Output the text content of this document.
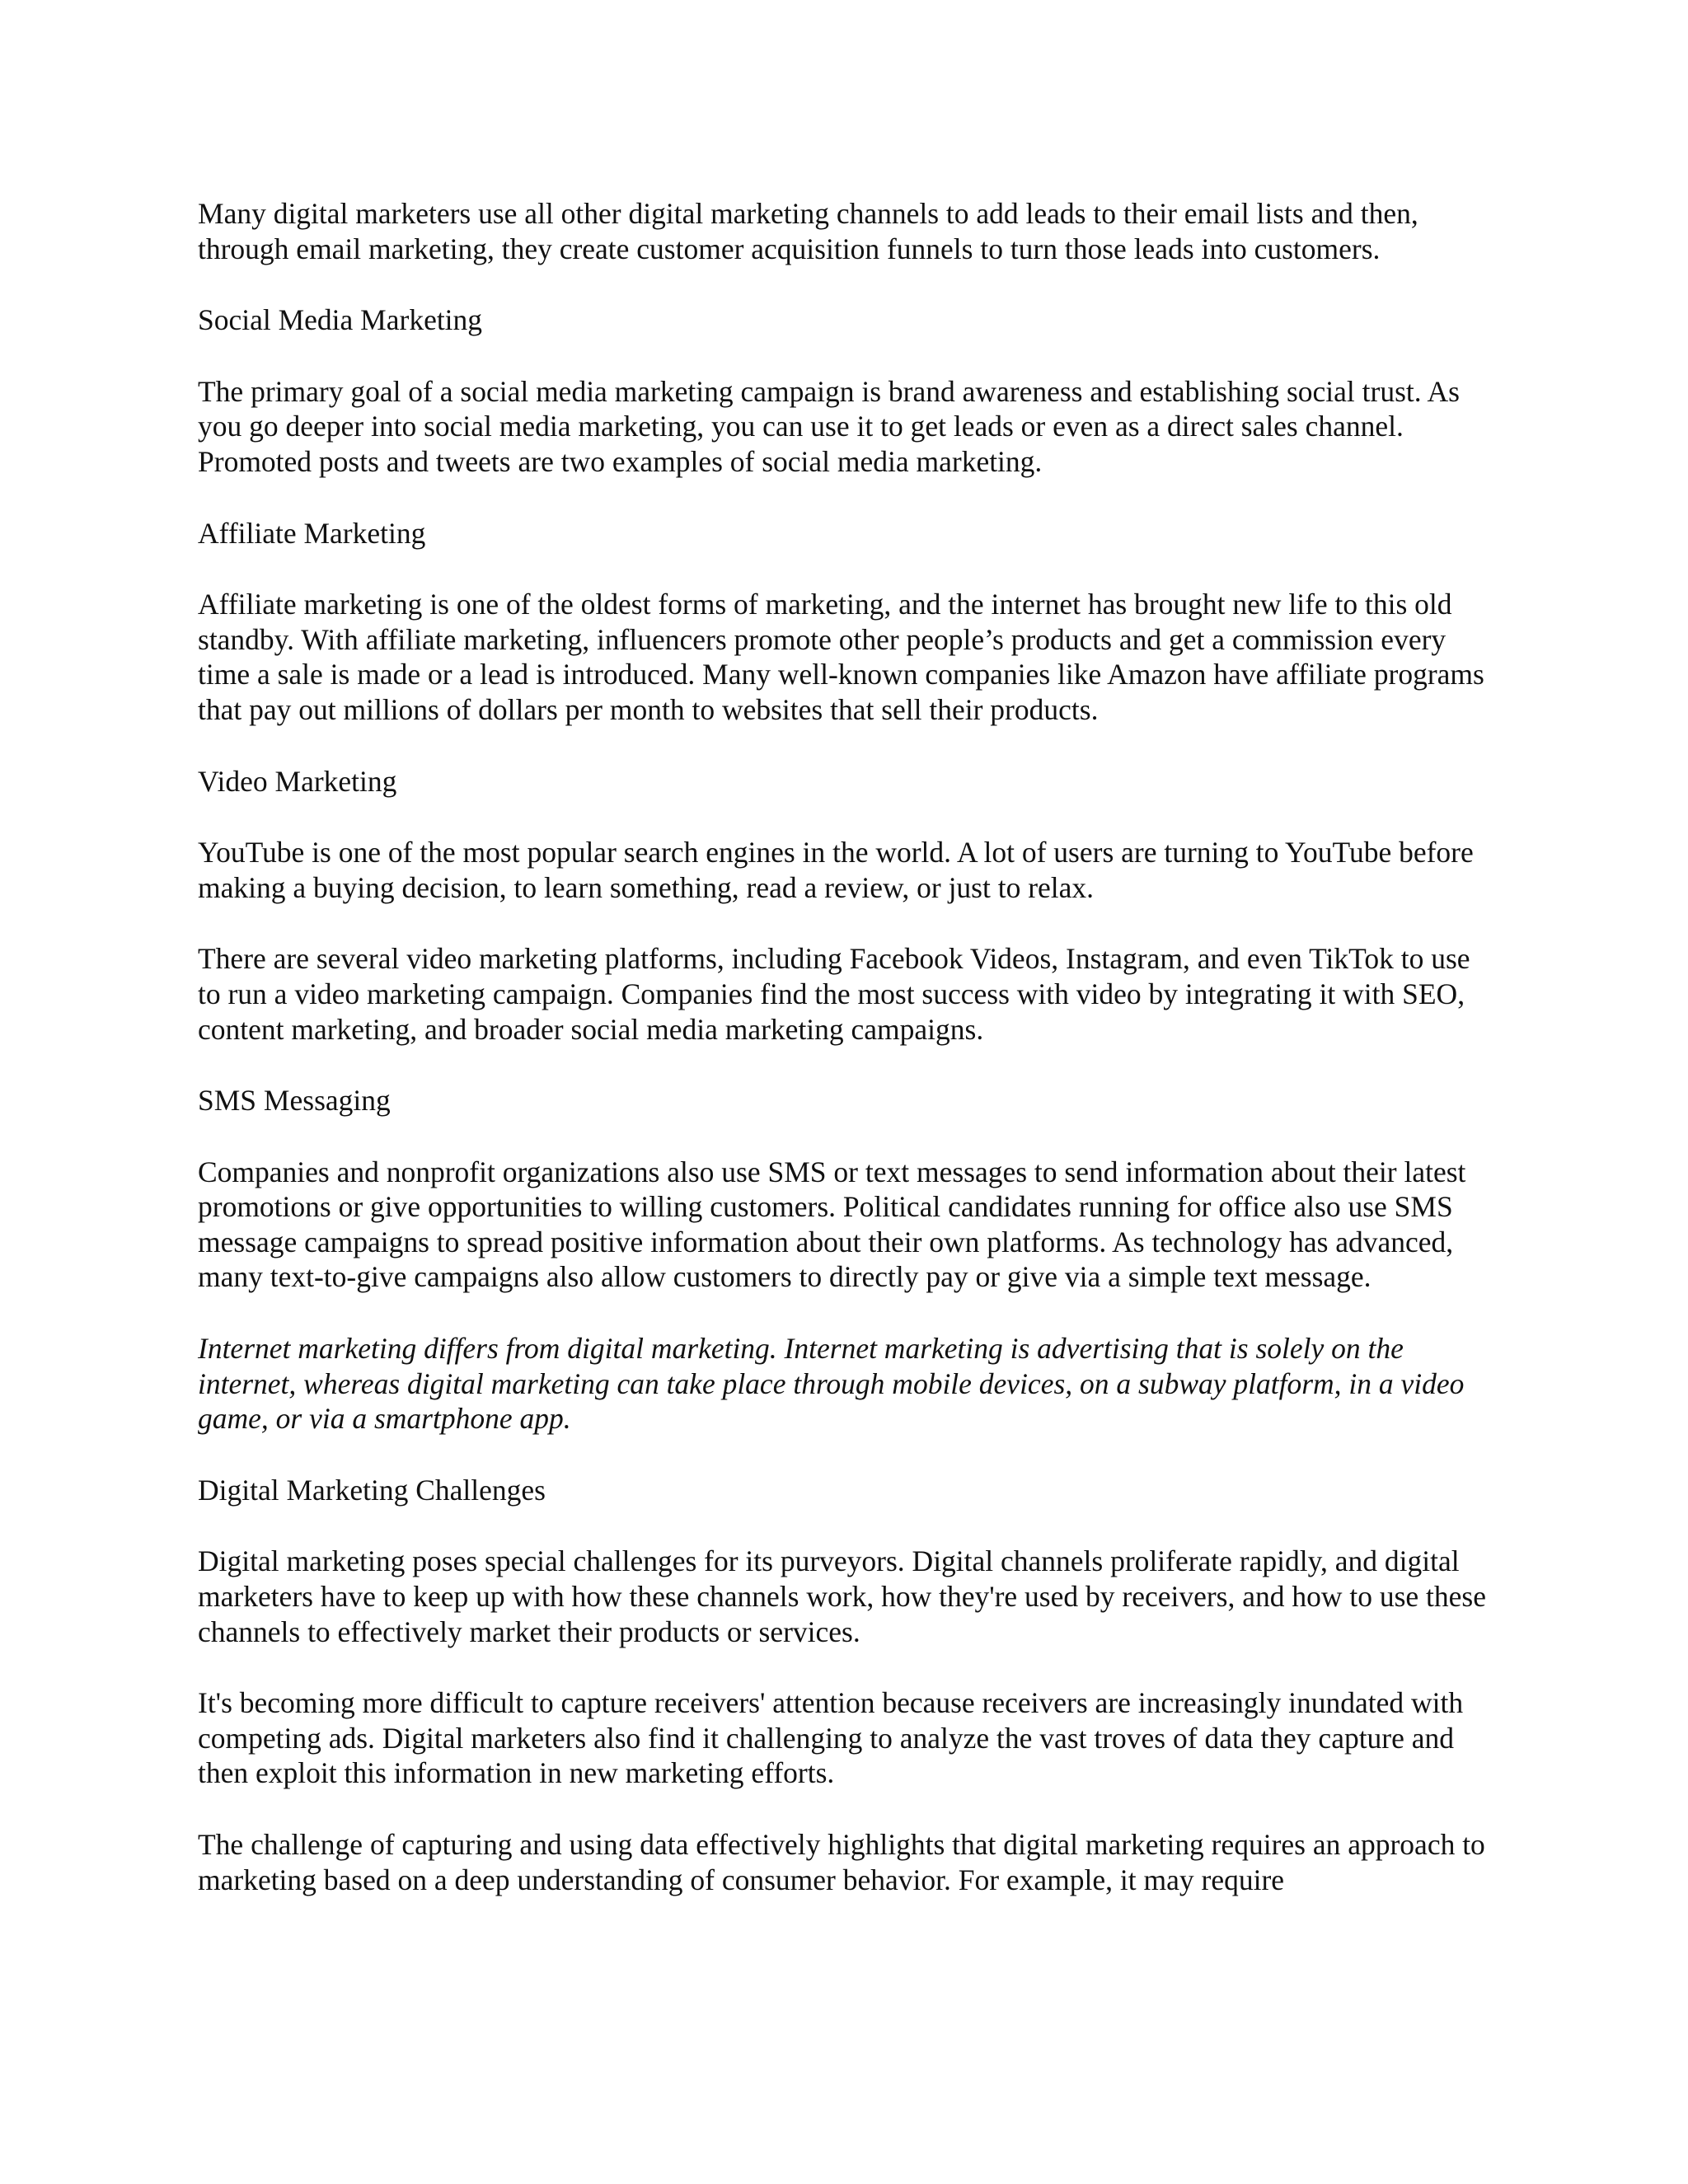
Many digital marketers use all other digital marketing channels to add leads to their email lists and then, through email marketing, they create customer acquisition funnels to turn those leads into customers.

Social Media Marketing

The primary goal of a social media marketing campaign is brand awareness and establishing social trust. As you go deeper into social media marketing, you can use it to get leads or even as a direct sales channel. Promoted posts and tweets are two examples of social media marketing.

Affiliate Marketing

Affiliate marketing is one of the oldest forms of marketing, and the internet has brought new life to this old standby. With affiliate marketing, influencers promote other people’s products and get a commission every time a sale is made or a lead is introduced. Many well-known companies like Amazon have affiliate programs that pay out millions of dollars per month to websites that sell their products.

Video Marketing

YouTube is one of the most popular search engines in the world. A lot of users are turning to YouTube before making a buying decision, to learn something, read a review, or just to relax.

There are several video marketing platforms, including Facebook Videos, Instagram, and even TikTok to use to run a video marketing campaign. Companies find the most success with video by integrating it with SEO, content marketing, and broader social media marketing campaigns.

SMS Messaging

Companies and nonprofit organizations also use SMS or text messages to send information about their latest promotions or give opportunities to willing customers. Political candidates running for office also use SMS message campaigns to spread positive information about their own platforms. As technology has advanced, many text-to-give campaigns also allow customers to directly pay or give via a simple text message.

Internet marketing differs from digital marketing. Internet marketing is advertising that is solely on the internet, whereas digital marketing can take place through mobile devices, on a subway platform, in a video game, or via a smartphone app.

Digital Marketing Challenges

Digital marketing poses special challenges for its purveyors. Digital channels proliferate rapidly, and digital marketers have to keep up with how these channels work, how they're used by receivers, and how to use these channels to effectively market their products or services.

It's becoming more difficult to capture receivers' attention because receivers are increasingly inundated with competing ads. Digital marketers also find it challenging to analyze the vast troves of data they capture and then exploit this information in new marketing efforts.

The challenge of capturing and using data effectively highlights that digital marketing requires an approach to marketing based on a deep understanding of consumer behavior. For example, it may require
